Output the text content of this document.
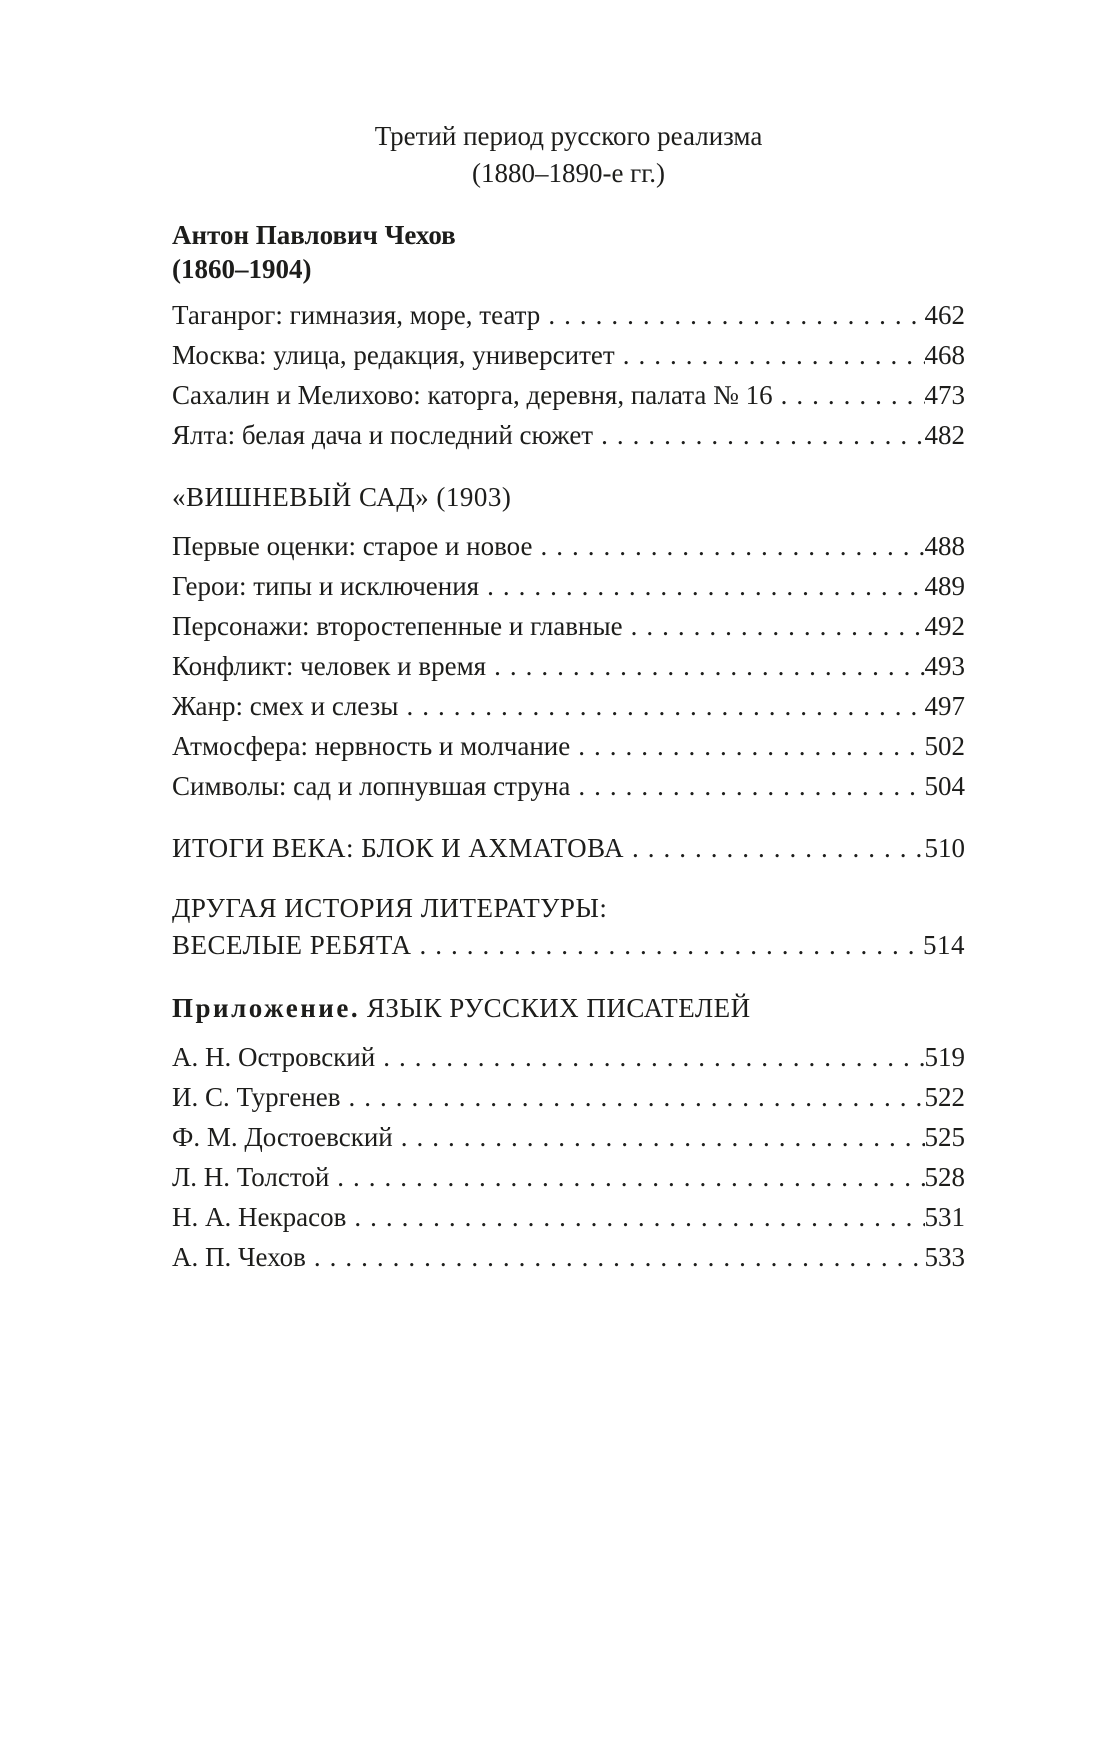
Третий период русского реализма
(1880–1890-е гг.)
Антон Павлович Чехов
(1860–1904)
Таганрог: гимназия, море, театр .....	462
Москва: улица, редакция, университет .....	468
Сахалин и Мелихово: каторга, деревня, палата № 16 .....	473
Ялта: белая дача и последний сюжет .....	482
«ВИШНЕВЫЙ САД» (1903)
Первые оценки: старое и новое .....	488
Герои: типы и исключения .....	489
Персонажи: второстепенные и главные .....	492
Конфликт: человек и время .....	493
Жанр: смех и слезы .....	497
Атмосфера: нервность и молчание .....	502
Символы: сад и лопнувшая струна .....	504
ИТОГИ ВЕКА: БЛОК И АХМАТОВА .....	510
ДРУГАЯ ИСТОРИЯ ЛИТЕРАТУРЫ:
ВЕСЕЛЫЕ РЕБЯТА .....	514
Приложение. ЯЗЫК РУССКИХ ПИСАТЕЛЕЙ
А. Н. Островский .....	519
И. С. Тургенев .....	522
Ф. М. Достоевский .....	525
Л. Н. Толстой .....	528
Н. А. Некрасов .....	531
А. П. Чехов .....	533
